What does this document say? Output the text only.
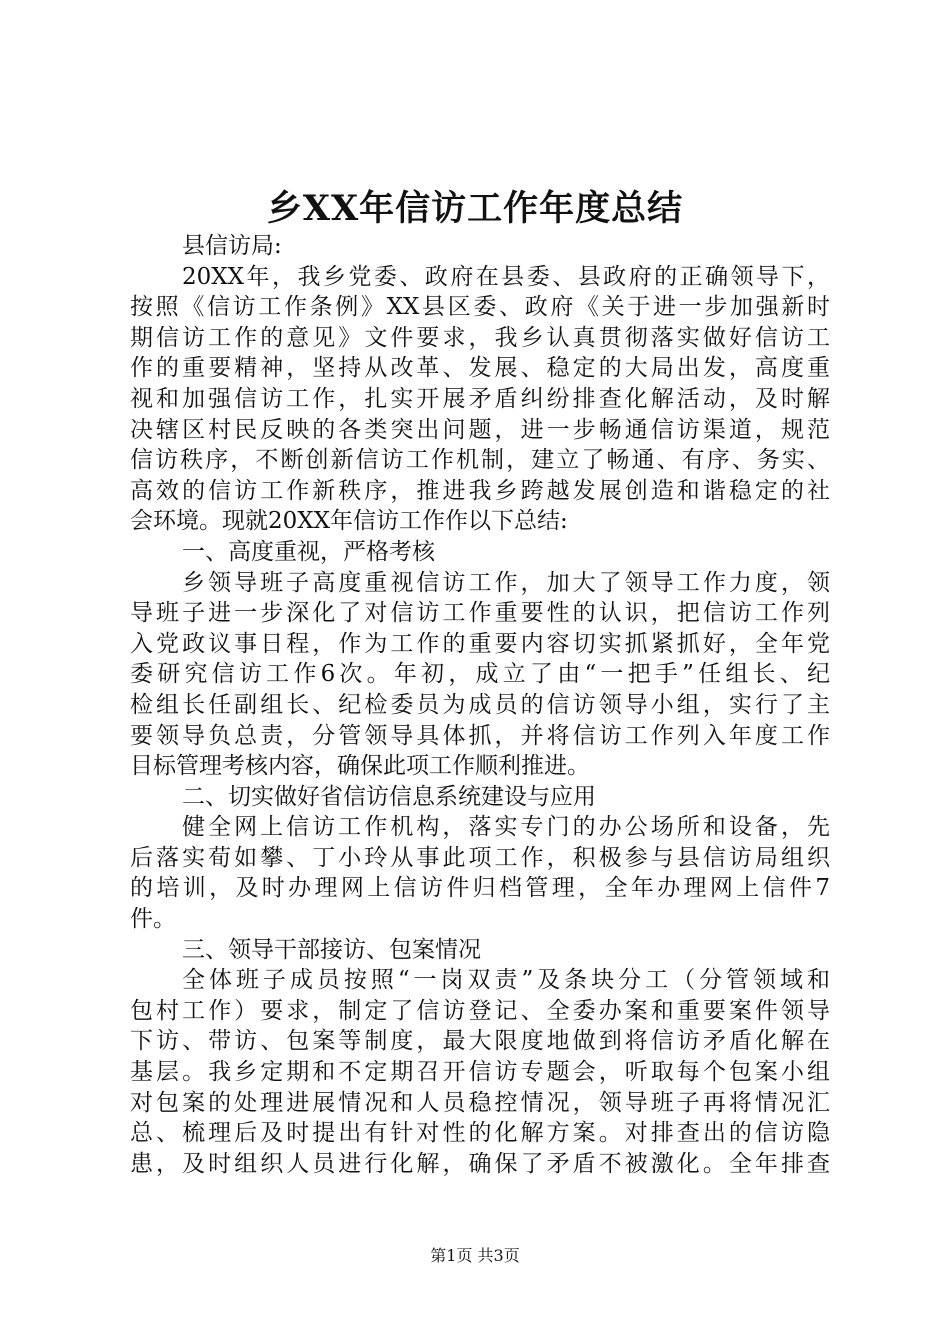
乡XX年信访工作年度总结
县信访局:
20XX年，我乡党委、政府在县委、县政府的正确领导下，
按照《信访工作条例》XX县区委、政府《关于进一步加强新时
期信访工作的意见》文件要求，我乡认真贯彻落实做好信访工
作的重要精神，坚持从改革、发展、稳定的大局出发，高度重
视和加强信访工作，扎实开展矛盾纠纷排查化解活动，及时解
决辖区村民反映的各类突出问题，进一步畅通信访渠道，规范
信访秩序，不断创新信访工作机制，建立了畅通、有序、务实、
高效的信访工作新秩序，推进我乡跨越发展创造和谐稳定的社
会环境。现就20XX年信访工作作以下总结:
一、高度重视，严格考核
乡领导班子高度重视信访工作，加大了领导工作力度，领
导班子进一步深化了对信访工作重要性的认识，把信访工作列
入党政议事日程，作为工作的重要内容切实抓紧抓好，全年党
委研究信访工作6次。年初，成立了由“一把手”任组长、纪
检组长任副组长、纪检委员为成员的信访领导小组，实行了主
要领导负总责，分管领导具体抓，并将信访工作列入年度工作
目标管理考核内容，确保此项工作顺利推进。
二、切实做好省信访信息系统建设与应用
健全网上信访工作机构，落实专门的办公场所和设备，先
后落实荀如攀、丁小玲从事此项工作，积极参与县信访局组织
的培训，及时办理网上信访件归档管理，全年办理网上信件7
件。
三、领导干部接访、包案情况
全体班子成员按照“一岗双责”及条块分工（分管领域和
包村工作）要求，制定了信访登记、全委办案和重要案件领导
下访、带访、包案等制度，最大限度地做到将信访矛盾化解在
基层。我乡定期和不定期召开信访专题会，听取每个包案小组
对包案的处理进展情况和人员稳控情况，领导班子再将情况汇
总、梳理后及时提出有针对性的化解方案。对排查出的信访隐
患，及时组织人员进行化解，确保了矛盾不被激化。全年排查
第1页 共3页
